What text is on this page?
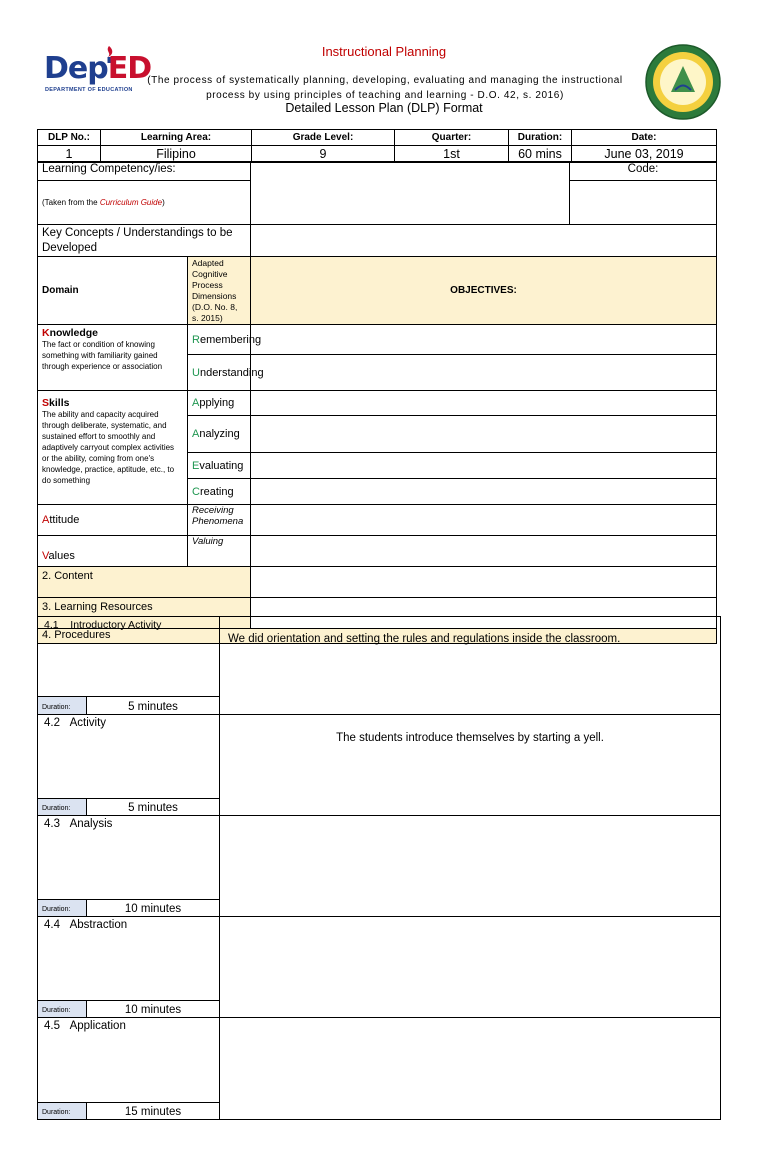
DepED
DEPARTMENT OF EDUCATION
Instructional Planning
(The process of systematically planning, developing, evaluating and managing the instructional process by using principles of teaching and learning - D.O. 42, s. 2016)
Detailed Lesson Plan (DLP) Format
DLP No.:	Learning Area:	Grade Level:	Quarter:	Duration:	Date:
1	Filipino	9	1st	60 mins	June 03, 2019
Learning Competency/ies:			Code:
(Taken from the Curriculum Guide)			
Key Concepts / Understandings to be Developed			
Domain	Adapted Cognitive Process Dimensions (D.O. No. 8, s. 2015)	OBJECTIVES:	

Knowledge
The fact or condition of knowing something with familiarity gained through experience or association	Remembering		
	Understanding		

Skills
The ability and capacity acquired through deliberate, systematic, and sustained effort to smoothly and adaptively carryout complex activities or the ability, coming from one's knowledge, practice, aptitude, etc., to do something	Applying		
	Analyzing		
	Evaluating		
	Creating		
Attitude	Receiving Phenomena		
Values	Valuing		
2. Content			
3. Learning Resources			
4. Procedures			
4.1 Introductory Activity		We did orientation and setting the rules and regulations inside the classroom.
Duration:	5 minutes	
4.2 Activity		The students introduce themselves by starting a yell.
Duration:	5 minutes	
4.3 Analysis		
Duration:	10 minutes	
4.4 Abstraction		
Duration:	10 minutes	
4.5 Application		
Duration:	15 minutes	
